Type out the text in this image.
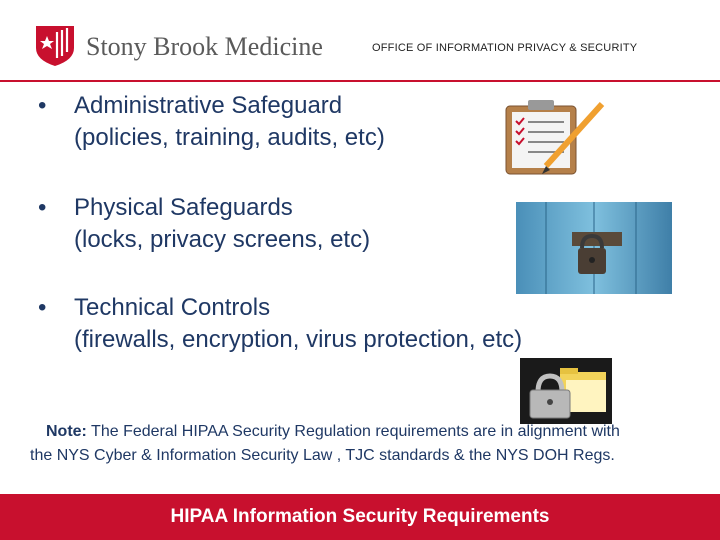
Stony Brook Medicine	OFFICE OF INFORMATION PRIVACY & SECURITY
• Administrative Safeguard
(policies, training, audits, etc)
• Physical Safeguards
(locks, privacy screens, etc)
• Technical Controls
(firewalls, encryption, virus protection, etc)
Note: The Federal HIPAA Security Regulation requirements are in alignment with
the NYS Cyber & Information Security Law , TJC standards & the NYS DOH Regs.
HIPAA Information Security Requirements
